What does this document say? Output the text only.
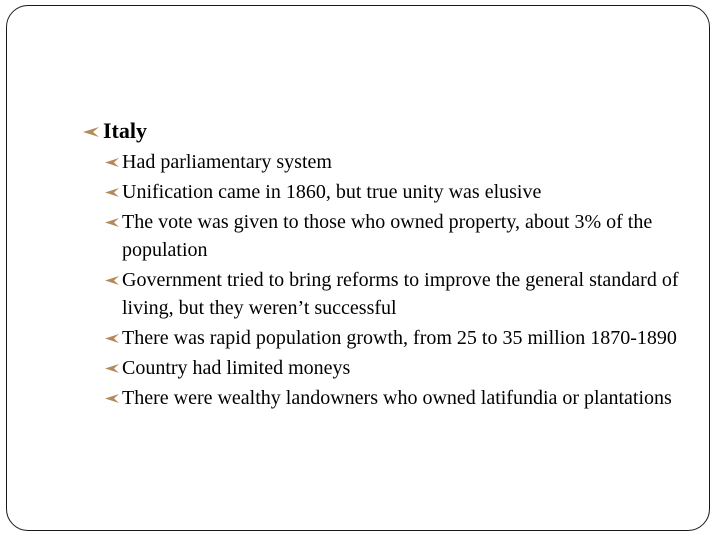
Italy
Had parliamentary system
Unification came in 1860, but true unity was elusive
The vote was given to those who owned property, about 3% of the population
Government tried to bring reforms to improve the general standard of living, but they weren’t successful
There was rapid population growth, from 25 to 35 million 1870-1890
Country had limited moneys
There were wealthy landowners who owned latifundia or plantations
